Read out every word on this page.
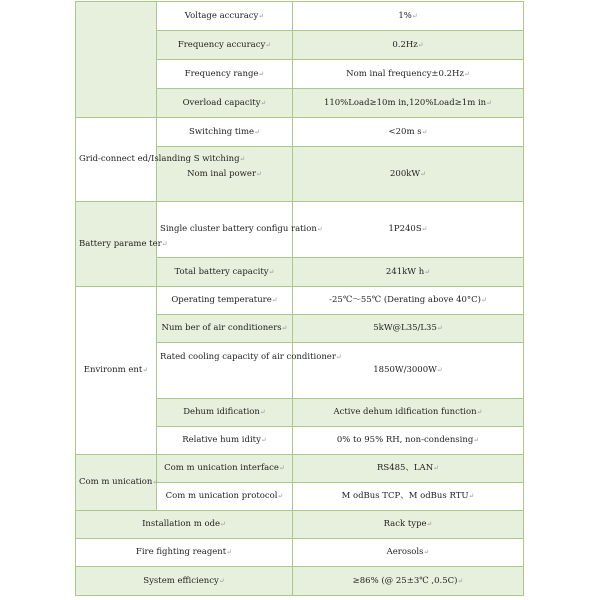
	Voltage accuracy↵	1%↵
	Frequency accuracy↵	0.2Hz↵
	Frequency range↵	Nom inal frequency±0.2Hz↵
	Overload capacity↵	110%Load≥10m in,120%Load≥1m in↵
Grid-connect ed/Islanding S witching↵	Switching time↵	<20m s↵
	Nom inal power↵	200kW↵
Battery parame ter↵	Single cluster battery configu ration↵	1P240S↵
	Total battery capacity↵	241kW h↵
Environm ent↵	Operating temperature↵	-25℃～55℃ (Derating above 40°C)↵
	Num ber of air conditioners↵	5kW@L35/L35↵
	Rated cooling capacity of air conditioner↵	1850W/3000W↵
	Dehum idification↵	Active dehum idification function↵
	Relative hum idity↵	0% to 95% RH, non-condensing↵
Com m unication↵	Com m unication interface↵	RS485、LAN↵
	Com m unication protocol↵	M odBus TCP、M odBus RTU↵
Installation m ode↵		Rack type↵
Fire fighting reagent↵		Aerosols↵
System efficiency↵		≥86% (@ 25±3℃ ,0.5C)↵
